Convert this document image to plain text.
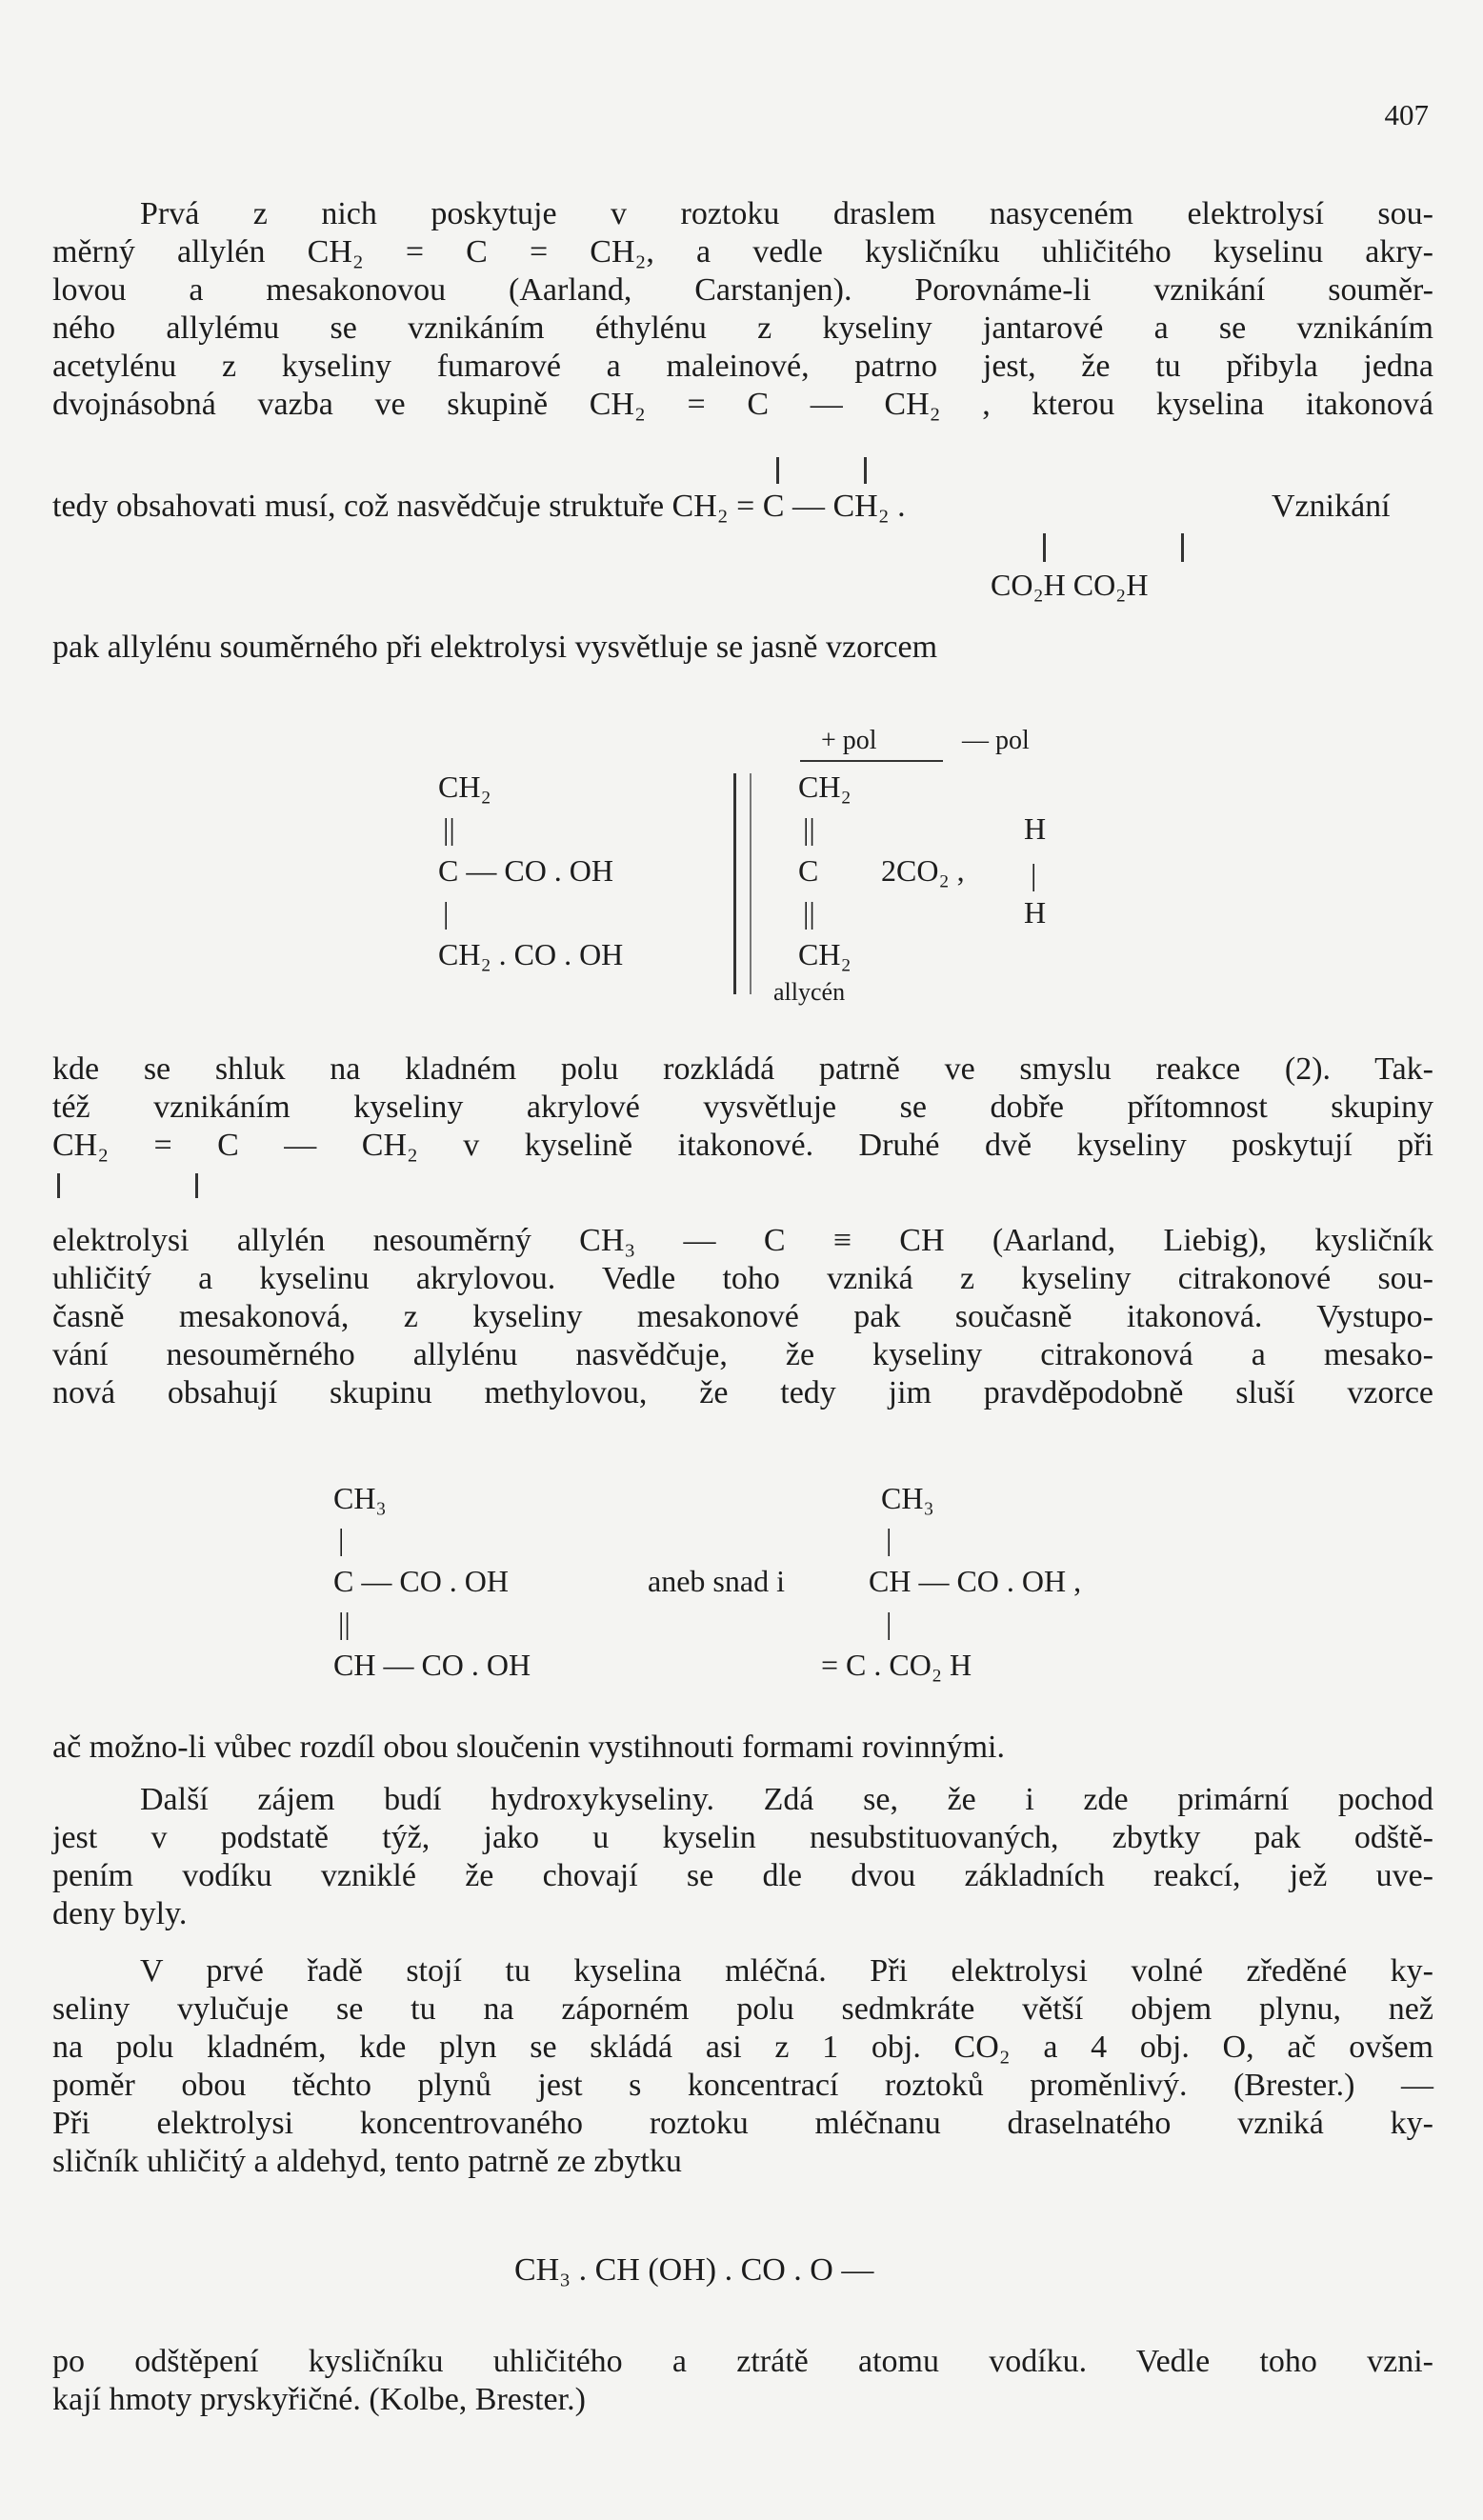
407
Prvá z nich poskytuje v roztoku draslem nasyceném elektrolysí sou-
měrný allylén CH₂ = C = CH₂, a vedle kysličníku uhličitého kyselinu akry-
lovou a mesakonovou (Aarland, Carstanjen). Porovnáme-li vznikání souměr-
ného allylému se vznikáním éthylénu z kyseliny jantarové a se vznikáním
acetylénu z kyseliny fumarové a maleinové, patrno jest, že tu přibyla jedna
dvojnásobná vazba ve skupině CH₂ = C — CH₂ , kterou kyselina itakonová
tedy obsahovati musí, což nasvědčuje struktuře CH₂ = C — CH₂ .	Vznikání
CO₂H CO₂H
pak allylénu souměrného při elektrolysi vysvětluje se jasně vzorcem
+ pol	— pol
CH₂
||
C — CO . OH
|
CH₂ . CO . OH
CH₂
||
C
||
CH₂
allycén
2CO₂ ,
H
|
H
kde se shluk na kladném polu rozkládá patrně ve smyslu reakce (2). Tak-
též vznikáním kyseliny akrylové vysvětluje se dobře přítomnost skupiny
CH₂ = C — CH₂ v kyselině itakonové. Druhé dvě kyseliny poskytují při
elektrolysi allylén nesouměrný CH₃ — C ≡ CH (Aarland, Liebig), kysličník
uhličitý a kyselinu akrylovou. Vedle toho vzniká z kyseliny citrakonové sou-
časně mesakonová, z kyseliny mesakonové pak současně itakonová. Vystupo-
vání nesouměrného allylénu nasvědčuje, že kyseliny citrakonová a mesako-
nová obsahují skupinu methylovou, že tedy jim pravděpodobně sluší vzorce
CH₃
|
C — CO . OH	aneb snad i
||
CH — CO . OH
CH₃
|
CH — CO . OH ,
|
= C . CO₂ H
ač možno-li vůbec rozdíl obou sloučenin vystihnouti formami rovinnými.
Další zájem budí hydroxykyseliny. Zdá se, že i zde primární pochod
jest v podstatě týž, jako u kyselin nesubstituovaných, zbytky pak odště-
pením vodíku vzniklé že chovají se dle dvou základních reakcí, jež uve-
deny byly.
V prvé řadě stojí tu kyselina mléčná. Při elektrolysi volné zředěné ky-
seliny vylučuje se tu na záporném polu sedmkráte větší objem plynu, než
na polu kladném, kde plyn se skládá asi z 1 obj. CO₂ a 4 obj. O, ač ovšem
poměr obou těchto plynů jest s koncentrací roztoků proměnlivý. (Brester.) —
Při elektrolysi koncentrovaného roztoku mléčnanu draselnatého vzniká ky-
sličník uhličitý a aldehyd, tento patrně ze zbytku
CH₃ . CH (OH) . CO . O —
po odštěpení kysličníku uhličitého a ztrátě atomu vodíku. Vedle toho vzni-
kají hmoty pryskyřičné. (Kolbe, Brester.)
